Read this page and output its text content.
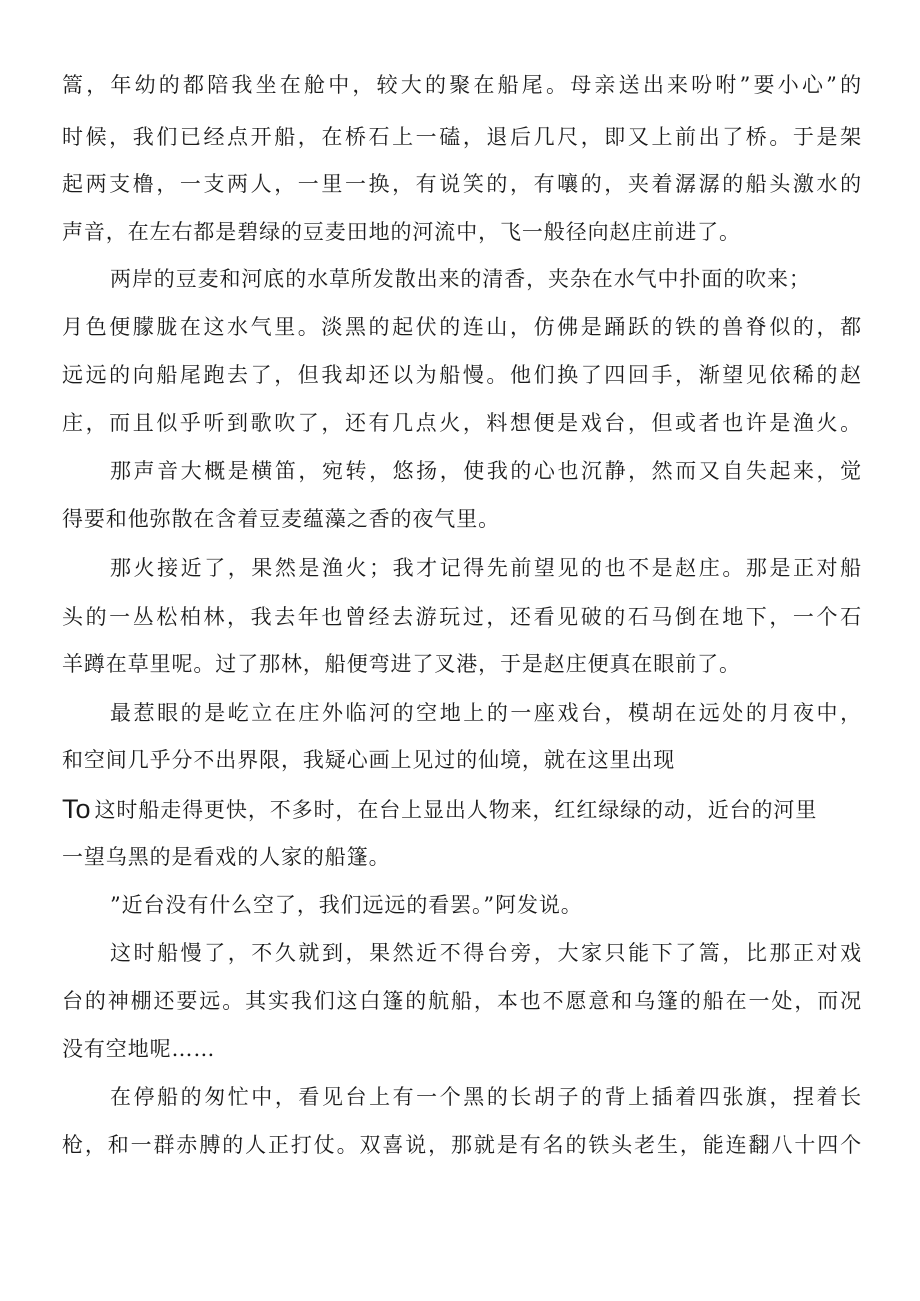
篙，年幼的都陪我坐在舱中，较大的聚在船尾。母亲送出来吩咐”要小心”的
时候，我们已经点开船，在桥石上一磕，退后几尺，即又上前出了桥。于是架
起两支橹，一支两人，一里一换，有说笑的，有嚷的，夹着潺潺的船头激水的
声音，在左右都是碧绿的豆麦田地的河流中，飞一般径向赵庄前进了。
两岸的豆麦和河底的水草所发散出来的清香，夹杂在水气中扑面的吹来；
月色便朦胧在这水气里。淡黑的起伏的连山，仿佛是踊跃的铁的兽脊似的，都
远远的向船尾跑去了，但我却还以为船慢。他们换了四回手，渐望见依稀的赵
庄，而且似乎听到歌吹了，还有几点火，料想便是戏台，但或者也许是渔火。
那声音大概是横笛，宛转，悠扬，使我的心也沉静，然而又自失起来，觉
得要和他弥散在含着豆麦蕴藻之香的夜气里。
那火接近了，果然是渔火；我才记得先前望见的也不是赵庄。那是正对船
头的一丛松柏林，我去年也曾经去游玩过，还看见破的石马倒在地下，一个石
羊蹲在草里呢。过了那林，船便弯进了叉港，于是赵庄便真在眼前了。
最惹眼的是屹立在庄外临河的空地上的一座戏台，模胡在远处的月夜中，
和空间几乎分不出界限，我疑心画上见过的仙境，就在这里出现
To 这时船走得更快，不多时，在台上显出人物来，红红绿绿的动，近台的河里
一望乌黑的是看戏的人家的船篷。
”近台没有什么空了，我们远远的看罢。”阿发说。
这时船慢了，不久就到，果然近不得台旁，大家只能下了篙，比那正对戏
台的神棚还要远。其实我们这白篷的航船，本也不愿意和乌篷的船在一处，而况
没有空地呢……
在停船的匆忙中，看见台上有一个黑的长胡子的背上插着四张旗，捏着长
枪，和一群赤膊的人正打仗。双喜说，那就是有名的铁头老生，能连翻八十四个
